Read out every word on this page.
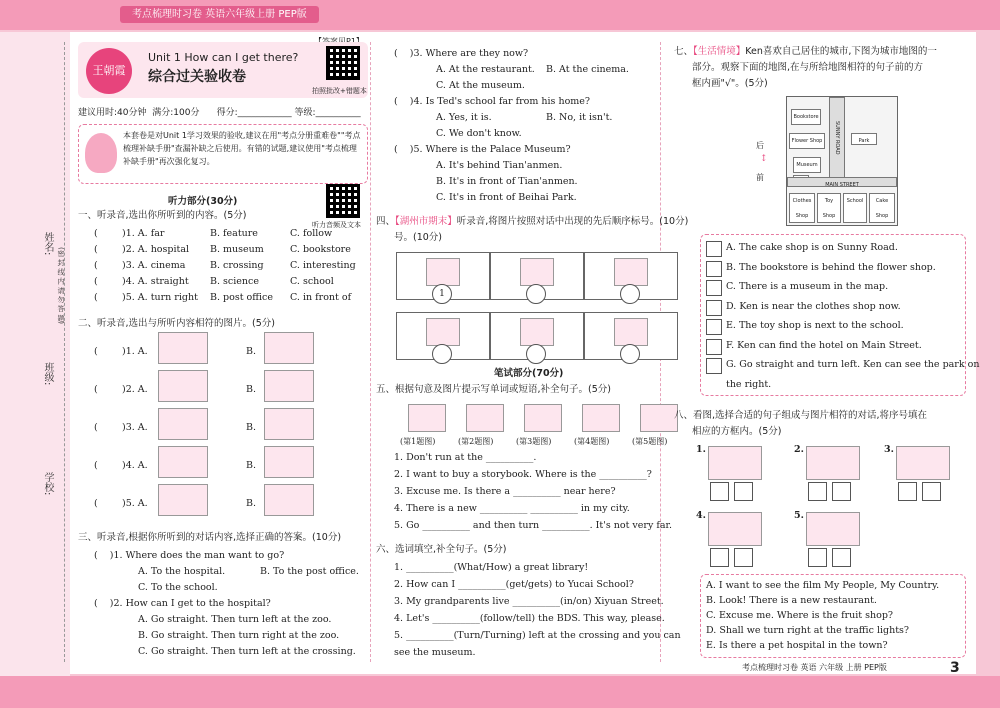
考点梳理时习卷 英语六年级上册 PEP版
学校:
班级:
姓名:
(密 封 线 内 请 勿 答 题)
王朝霞
Unit 1 How can I get there?
综合过关验收卷
拍照批改+错题本
建议用时:40分钟 满分:100分 得分:____________ 等级:__________
本套卷是对Unit 1学习效果的验收,建议在用"考点分册重难卷""考点梳理补缺手册"查漏补缺之后使用。有错的试题,建议使用"考点梳理补缺手册"再次强化复习。
听力部分(30分)
听力音频及文本
一、听录音,选出你所听到的内容。(5分)
(	)1. A. far	B. feature	C. follow
(	)2. A. hospital B. museum	C. bookstore
(	)3. A. cinema	B. crossing	C. interesting
(	)4. A. straight B. science	C. school
(	)5. A. turn right B. post office C. in front of
二、听录音,选出与所听内容相符的图片。(5分)
(	)1. A.	B.
(	)2. A.	B.
(	)3. A.	B.
(	)4. A.	B.
(	)5. A.	B.
三、听录音,根据你所听到的对话内容,选择正确的答案。(10分)
(    )1. Where does the man want to go?
A. To the hospital.	B. To the post office.
C. To the school.
(    )2. How can I get to the hospital?
A. Go straight. Then turn left at the zoo.
B. Go straight. Then turn right at the zoo.
C. Go straight. Then turn left at the crossing.
(    )3. Where are they now?
A. At the restaurant. B. At the cinema.
C. At the museum.
(    )4. Is Ted's school far from his home?
A. Yes, it is.	B. No, it isn't.
C. We don't know.
(    )5. Where is the Palace Museum?
A. It's behind Tian'anmen.
B. It's in front of Tian'anmen.
C. It's in front of Beihai Park.
四、【湖州市期末】听录音,将图片按照对话中出现的先后顺序标号。(10分)
号。(10分)
1
笔试部分(70分)
五、根据句意及图片提示写单词或短语,补全句子。(5分)
(第1题图)	(第2题图)	(第3题图)	(第4题图)	(第5题图)
1. Don't run at the __________.
2. I want to buy a storybook. Where is the __________?
3. Excuse me. Is there a __________ near here?
4. There is a new __________ __________ in my city.
5. Go __________ and then turn __________. It's not very far.
六、选词填空,补全句子。(5分)
1. __________(What/How) a great library!
2. How can I __________(get/gets) to Yucai School?
3. My grandparents live __________(in/on) Xiyuan Street.
4. Let's __________(follow/tell) the BDS. This way, please.
5. __________(Turn/Turning) left at the crossing and you can
see the museum.
七、【生活情境】Ken喜欢自己居住的城市,下图为城市地图的一
部分。观察下面的地图,在与所给地图相符的句子前的方
框内画"√"。(5分)
后
↕
前
Bookstore
Flower Shop	Park
Museum
SUNNY ROAD
MAIN STREET
Clothes Shop
Toy Shop
School	Cake Shop
A. The cake shop is on Sunny Road.
B. The bookstore is behind the flower shop.
C. There is a museum in the map.
D. Ken is near the clothes shop now.
E. The toy shop is next to the school.
F. Ken can find the hotel on Main Street.
G. Go straight and turn left. Ken can see the park on
the right.
八、看图,选择合适的句子组成与图片相符的对话,将序号填在
相应的方框内。(5分)
1.	2.	3.
4.	5.
A. I want to see the film My People, My Country.
B. Look! There is a new restaurant.
C. Excuse me. Where is the fruit shop?
D. Shall we turn right at the traffic lights?
E. Is there a pet hospital in the town?
考点梳理时习卷 英语 六年级 上册 PEP版	3
